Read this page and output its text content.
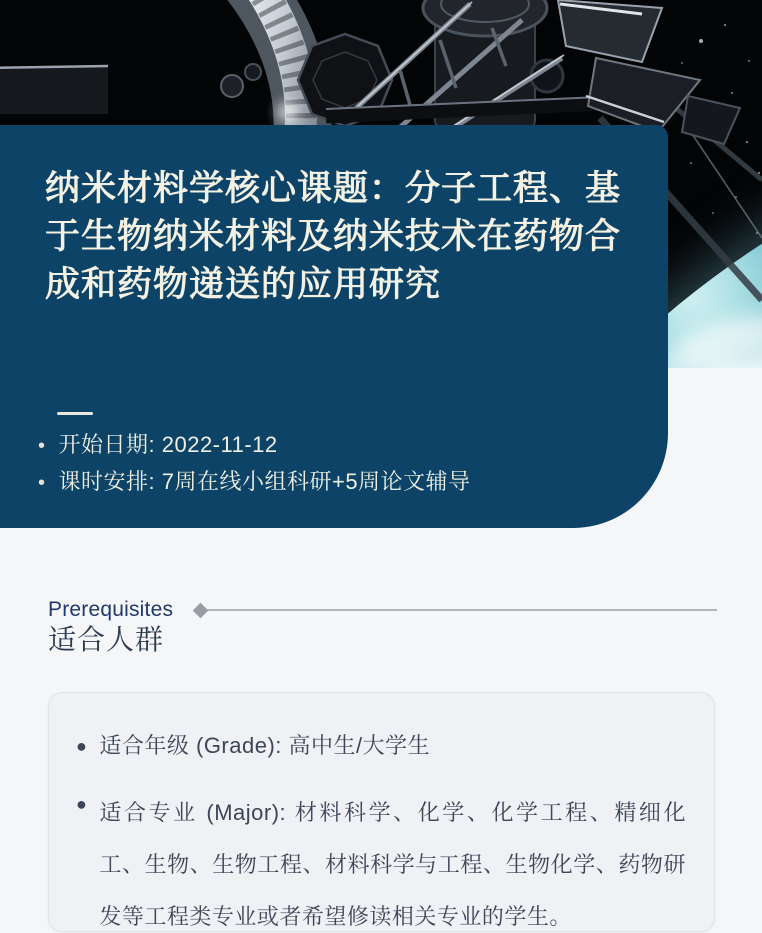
纳米材料学核心课题：分子工程、基
于生物纳米材料及纳米技术在药物合
成和药物递送的应用研究
• 开始日期: 2022-11-12
• 课时安排: 7周在线小组科研+5周论文辅导
Prerequisites
适合人群
● 适合年级 (Grade): 高中生/大学生
● 适合专业 (Major): 材料科学、化学、化学工程、精细化工、生物、生物工程、材料科学与工程、生物化学、药物研发等工程类专业或者希望修读相关专业的学生。
